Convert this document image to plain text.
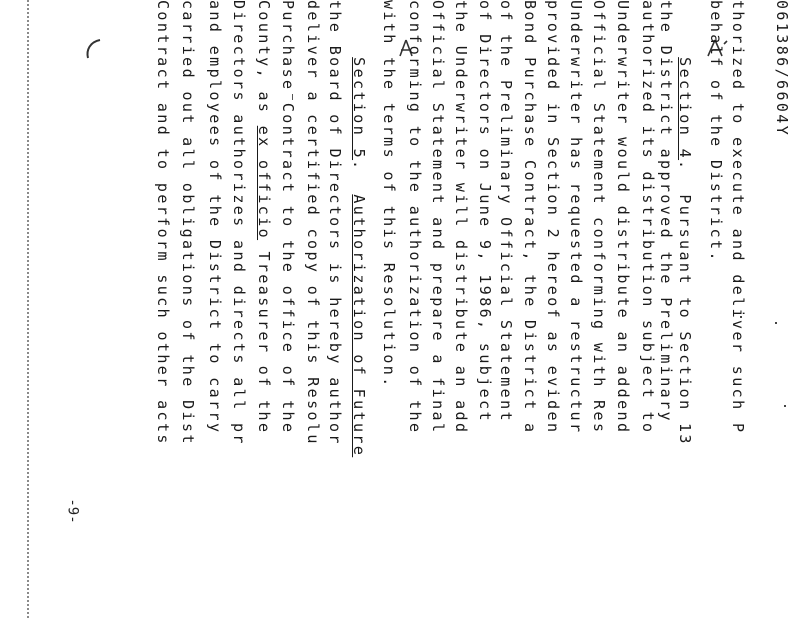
061386/6604Y
thorized to execute and deliver such P
behalf of the District.
Section 4.  Pursuant to Section 13
the District approved the Preliminary
authorized its distribution subject to
Underwriter would distribute an addend
Official Statement conforming with Res
Underwriter has requested a restructur
provided in Section 2 hereof as eviden
Bond Purchase Contract, the District a
of the Preliminary Official Statement
of Directors on June 9, 1986, subject
the Underwriter will distribute an add
Official Statement and prepare a final
conforming to the authorization of the
with the terms of this Resolution.
Section 5.  Authorization of Future
the Board of Directors is hereby author
deliver a certified copy of this Resolu
Purchase Contract to the office of the
County, as ex officio Treasurer of the
Directors authorizes and directs all pr
and employees of the District to carry
carried out all obligations of the Dist
Contract and to perform such other acts
-9-
